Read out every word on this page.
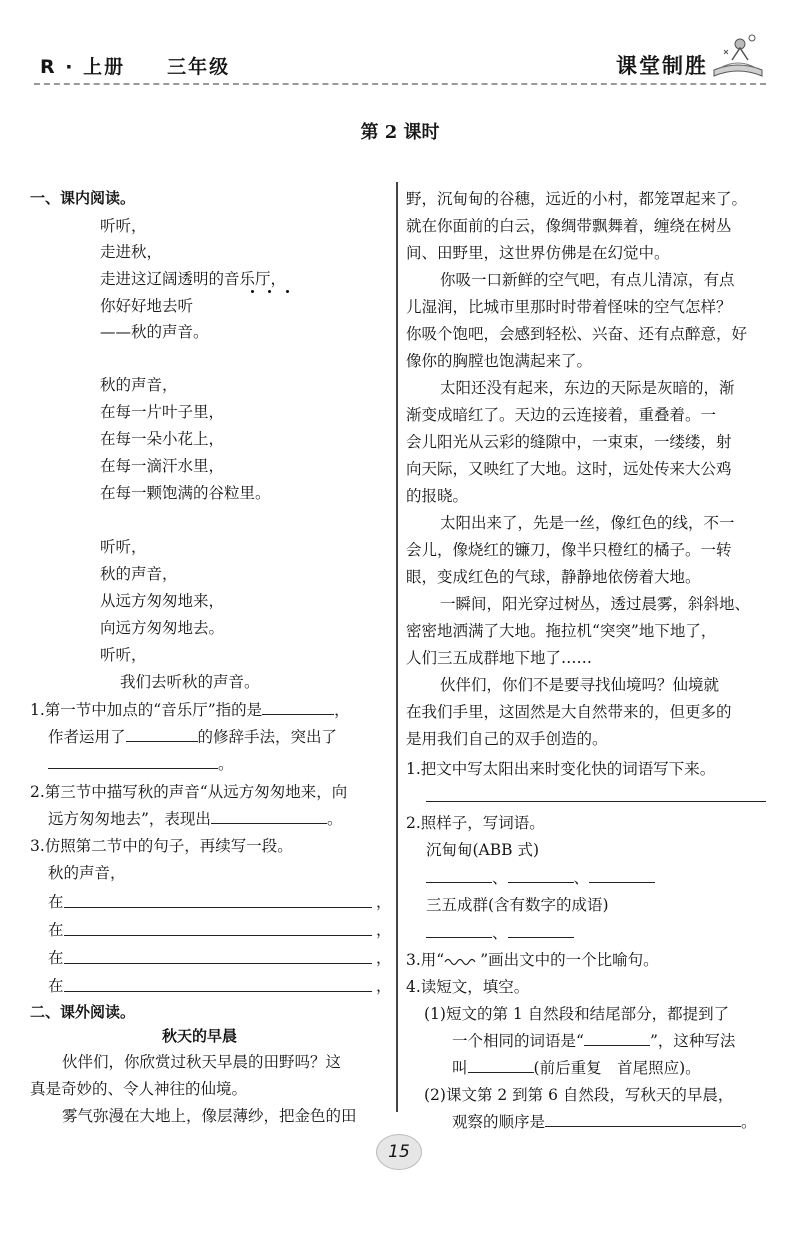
R · 上册　　三年级	课堂制胜
第 2 课时
一、课内阅读。
听听，
走进秋，
走进这辽阔透明的音乐厅，
你好好地去听
——秋的声音。
秋的声音，
在每一片叶子里，
在每一朵小花上，
在每一滴汗水里，
在每一颗饱满的谷粒里。
听听，
秋的声音，
从远方匆匆地来，
向远方匆匆地去。
听听，
我们去听秋的声音。
1.第一节中加点的“音乐厅”指的是	，
作者运用了	的修辞手法，突出了
。
2.第三节中描写秋的声音“从远方匆匆地来，向
远方匆匆地去”，表现出	。
3.仿照第二节中的句子，再续写一段。
秋的声音，
在	，
在	，
在	，
在	，
二、课外阅读。
秋天的早晨
伙伴们，你欣赏过秋天早晨的田野吗？这
真是奇妙的、令人神往的仙境。
雾气弥漫在大地上，像层薄纱，把金色的田
野，沉甸甸的谷穗，远近的小村，都笼罩起来了。
就在你面前的白云，像绸带飘舞着，缠绕在树丛
间、田野里，这世界仿佛是在幻觉中。
你吸一口新鲜的空气吧，有点儿清凉，有点
儿湿润，比城市里那时时带着怪味的空气怎样？
你吸个饱吧，会感到轻松、兴奋、还有点醉意，好
像你的胸膛也饱满起来了。
太阳还没有起来，东边的天际是灰暗的，渐
渐变成暗红了。天边的云连接着，重叠着。一
会儿阳光从云彩的缝隙中，一束束，一缕缕，射
向天际，又映红了大地。这时，远处传来大公鸡
的报晓。
太阳出来了，先是一丝，像红色的线，不一
会儿，像烧红的镰刀，像半只橙红的橘子。一转
眼，变成红色的气球，静静地依傍着大地。
一瞬间，阳光穿过树丛，透过晨雾，斜斜地、
密密地洒满了大地。拖拉机“突突”地下地了，
人们三五成群地下地了……
伙伴们，你们不是要寻找仙境吗？仙境就
在我们手里，这固然是大自然带来的，但更多的
是用我们自己的双手创造的。
1.把文中写太阳出来时变化快的词语写下来。
2.照样子，写词语。
沉甸甸(ABB 式)
、	、
三五成群(含有数字的成语)
、
3.用“ ”画出文中的一个比喻句。
4.读短文，填空。
(1)短文的第 1 自然段和结尾部分，都提到了
一个相同的词语是“	”，这种写法
叫	(前后重复　首尾照应)。
(2)课文第 2 到第 6 自然段，写秋天的早晨，
观察的顺序是	。
15
